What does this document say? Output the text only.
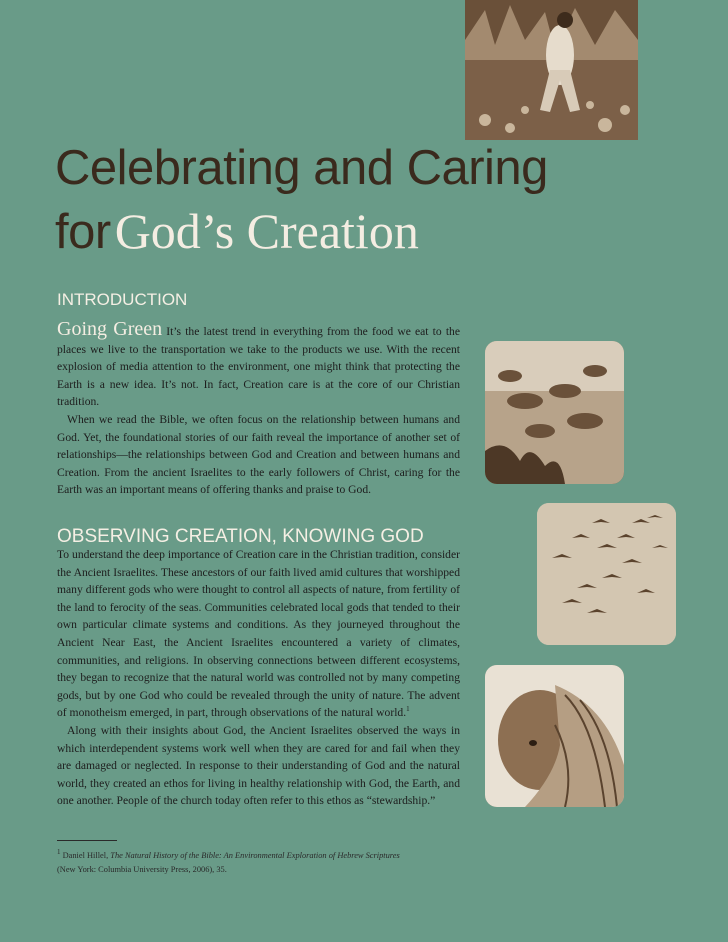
Celebrating and Caring
for God’s Creation
INTRODUCTION

Going Green It’s the latest trend in everything from the food we eat to the places we live to the transportation we take to the products we use. With the recent explosion of media attention to the environment, one might think that protecting the Earth is a new idea. It’s not. In fact, Creation care is at the core of our Christian tradition.

When we read the Bible, we often focus on the relationship between humans and God. Yet, the foundational stories of our faith reveal the importance of another set of relationships—the relationships between God and Creation and between humans and Creation. From the ancient Israelites to the early followers of Christ, caring for the Earth was an important means of offering thanks and praise to God.

OBSERVING CREATION, KNOWING GOD

To understand the deep importance of Creation care in the Christian tradition, consider the Ancient Israelites. These ancestors of our faith lived amid cultures that worshipped many different gods who were thought to control all aspects of nature, from fertility of the land to ferocity of the seas. Communities celebrated local gods that tended to their own particular climate systems and conditions. As they journeyed throughout the Ancient Near East, the Ancient Israelites encountered a variety of climates, communities, and religions. In observing connections between different ecosystems, they began to recognize that the natural world was controlled not by many competing gods, but by one God who could be revealed through the unity of nature. The advent of monotheism emerged, in part, through observations of the natural world.$^1$

Along with their insights about God, the Ancient Israelites observed the ways in which interdependent systems work well when they are cared for and fail when they are damaged or neglected. In response to their understanding of God and the natural world, they created an ethos for living in healthy relationship with God, the Earth, and one another. People of the church today often refer to this ethos as “stewardship.”

$^1$ Daniel Hillel, The Natural History of the Bible: An Environmental Exploration of Hebrew Scriptures
(New York: Columbia University Press, 2006), 35.
